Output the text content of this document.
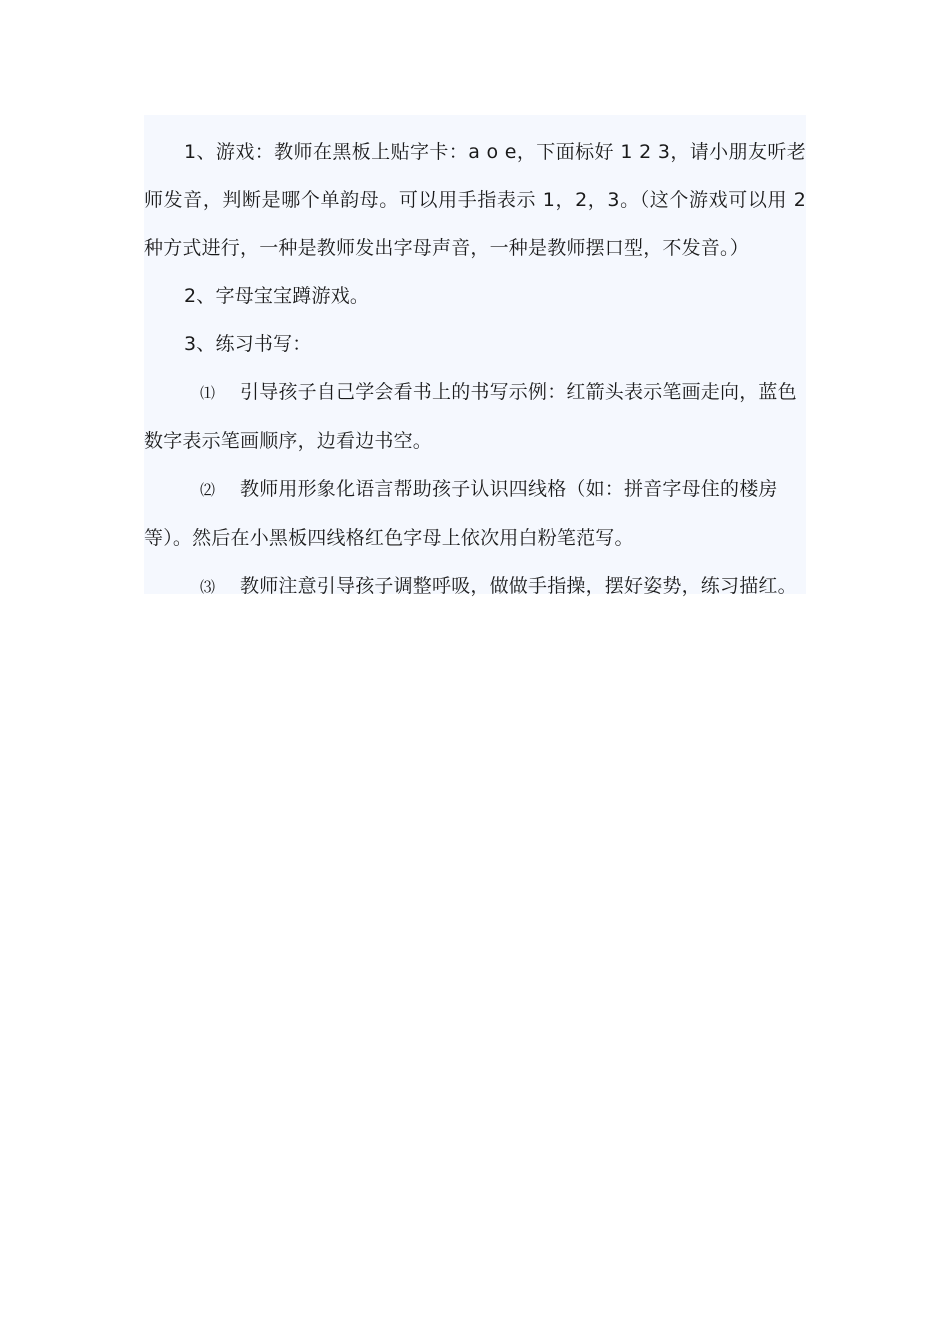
1、游戏：教师在黑板上贴字卡：a o e，下面标好 1 2 3，请小朋友听老师发音，判断是哪个单韵母。可以用手指表示 1，2，3。（这个游戏可以用 2 种方式进行，一种是教师发出字母声音，一种是教师摆口型，不发音。）

2、字母宝宝蹲游戏。

3、练习书写：

⑴ 引导孩子自己学会看书上的书写示例：红箭头表示笔画走向，蓝色数字表示笔画顺序，边看边书空。

⑵ 教师用形象化语言帮助孩子认识四线格（如：拼音字母住的楼房等）。然后在小黑板四线格红色字母上依次用白粉笔范写。

⑶ 教师注意引导孩子调整呼吸，做做手指操，摆好姿势，练习描红。
